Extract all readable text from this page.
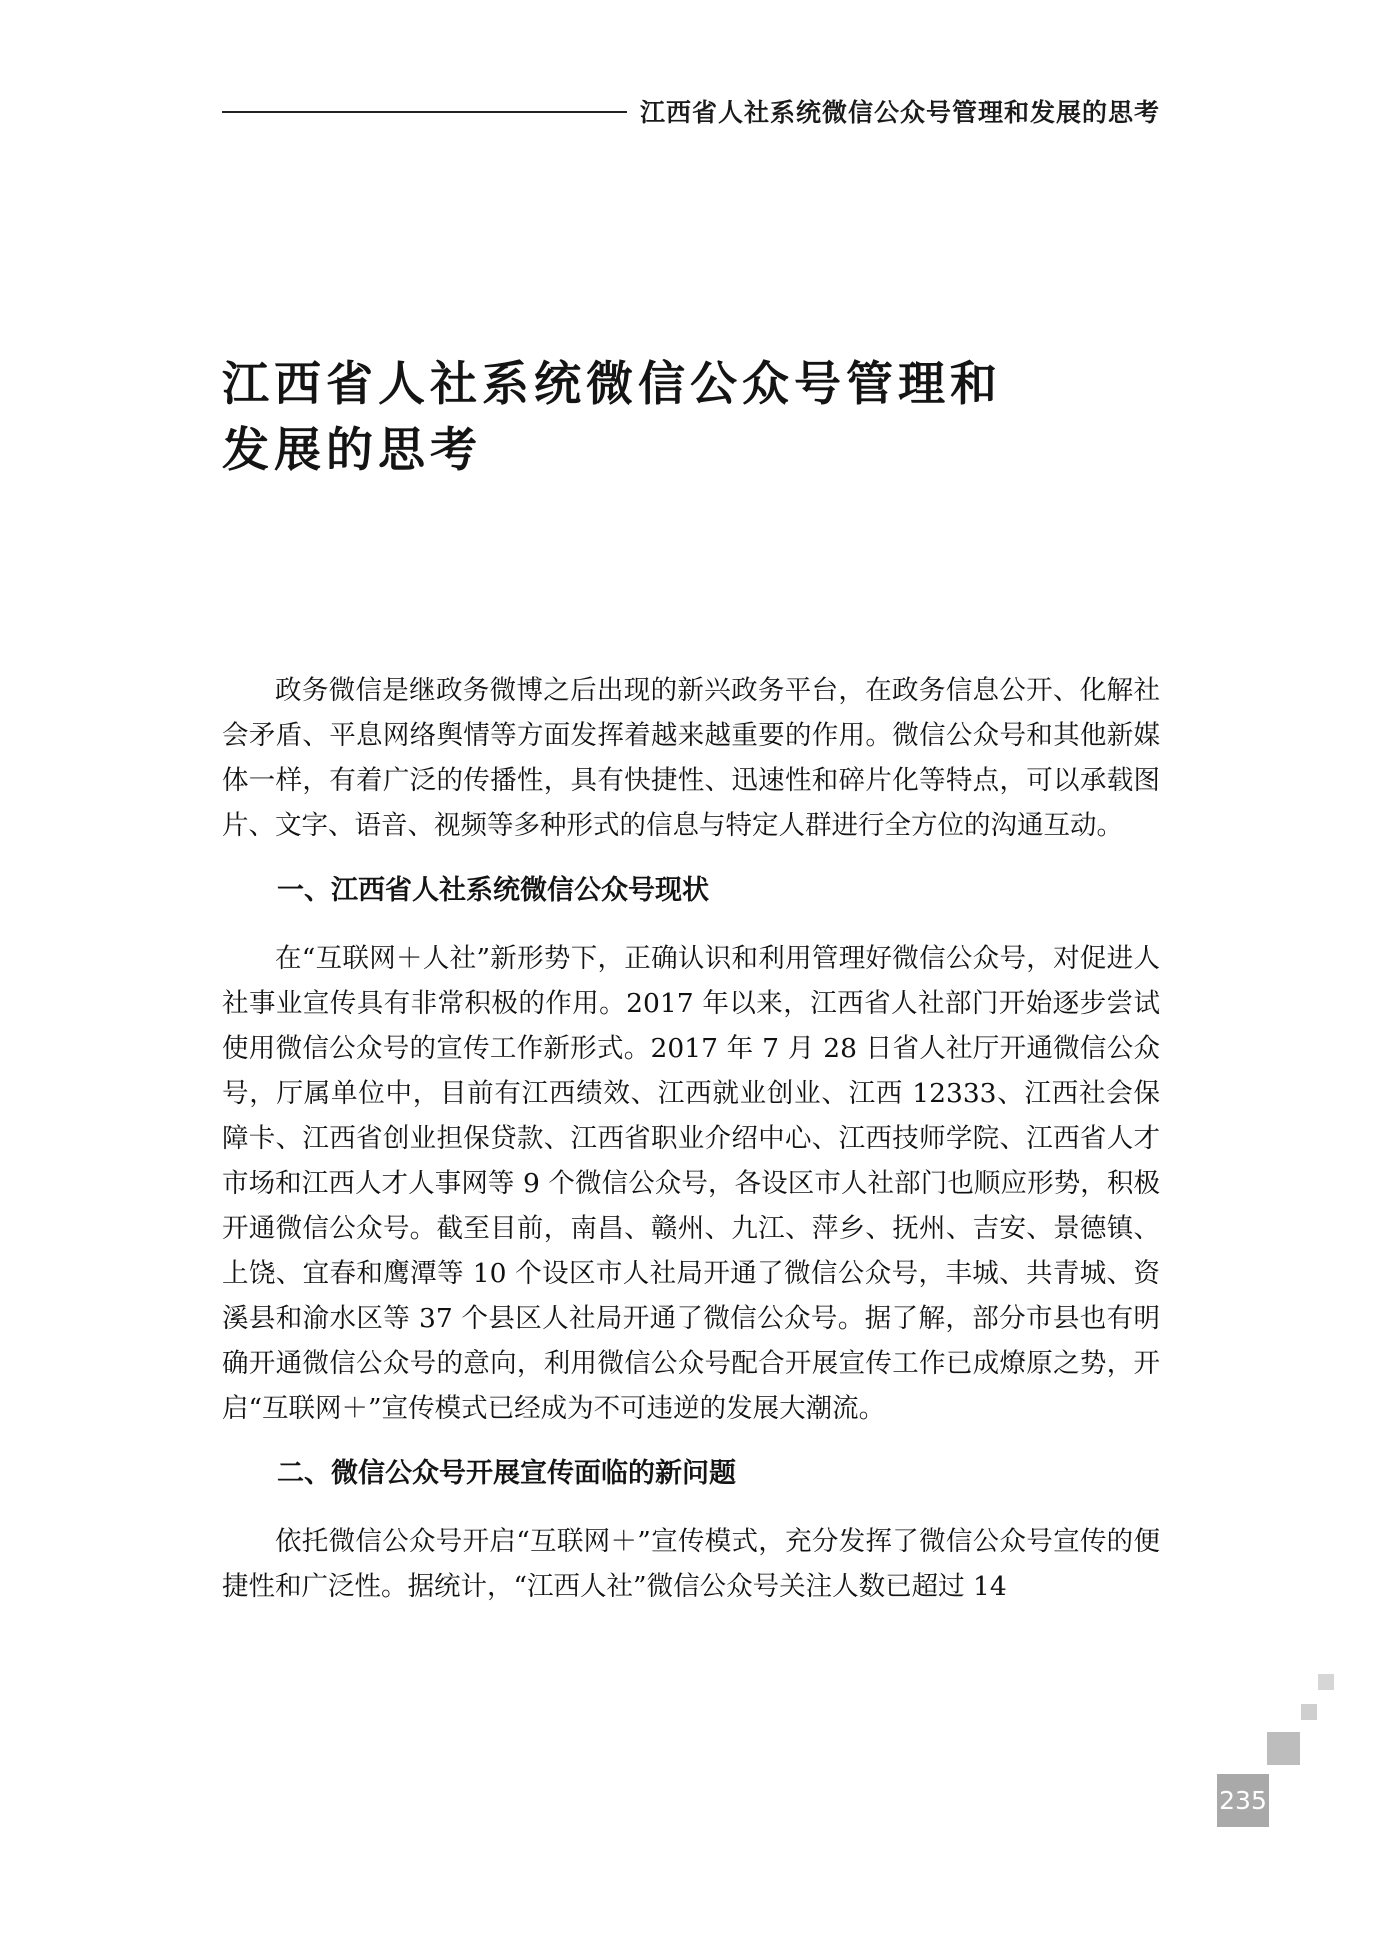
江西省人社系统微信公众号管理和发展的思考
江西省人社系统微信公众号管理和
发展的思考

政务微信是继政务微博之后出现的新兴政务平台，在政务信息公开、化解社会矛盾、平息网络舆情等方面发挥着越来越重要的作用。微信公众号和其他新媒体一样，有着广泛的传播性，具有快捷性、迅速性和碎片化等特点，可以承载图片、文字、语音、视频等多种形式的信息与特定人群进行全方位的沟通互动。

一、江西省人社系统微信公众号现状

在“互联网＋人社”新形势下，正确认识和利用管理好微信公众号，对促进人社事业宣传具有非常积极的作用。2017 年以来，江西省人社部门开始逐步尝试使用微信公众号的宣传工作新形式。2017 年 7 月 28 日省人社厅开通微信公众号，厅属单位中，目前有江西绩效、江西就业创业、江西 12333、江西社会保障卡、江西省创业担保贷款、江西省职业介绍中心、江西技师学院、江西省人才市场和江西人才人事网等 9 个微信公众号，各设区市人社部门也顺应形势，积极开通微信公众号。截至目前，南昌、赣州、九江、萍乡、抚州、吉安、景德镇、上饶、宜春和鹰潭等 10 个设区市人社局开通了微信公众号，丰城、共青城、资溪县和渝水区等 37 个县区人社局开通了微信公众号。据了解，部分市县也有明确开通微信公众号的意向，利用微信公众号配合开展宣传工作已成燎原之势，开启“互联网＋”宣传模式已经成为不可违逆的发展大潮流。

二、微信公众号开展宣传面临的新问题

依托微信公众号开启“互联网＋”宣传模式，充分发挥了微信公众号宣传的便捷性和广泛性。据统计，“江西人社”微信公众号关注人数已超过 14

235
